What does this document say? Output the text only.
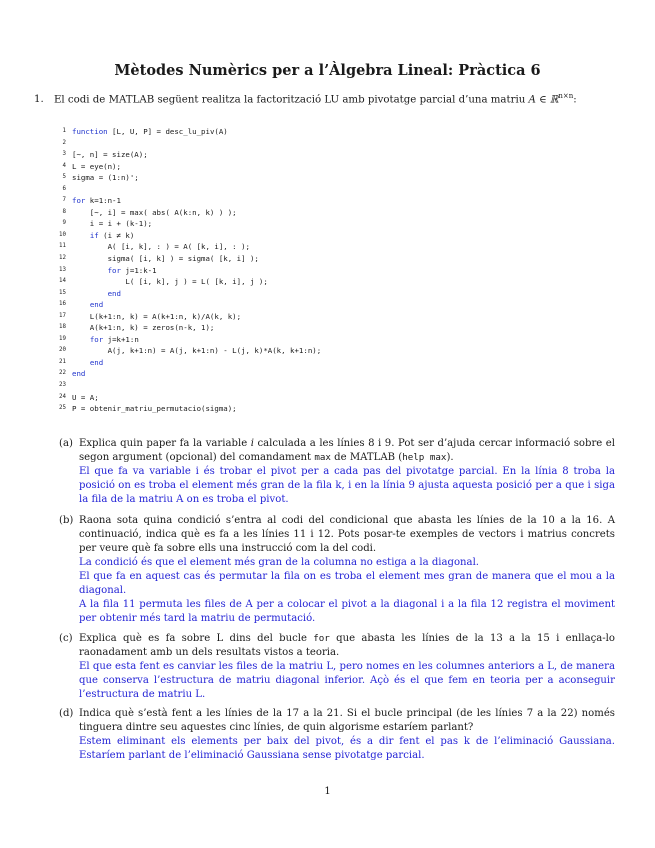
Mètodes Numèrics per a l’Àlgebra Lineal: Pràctica 6
1. El codi de MATLAB següent realitza la factorització LU amb pivotatge parcial d’una matriu A ∈ ℝ$^{n\times n}$:
1 function [L, U, P] = desc_lu_piv(A)
2
3 [~, n] = size(A);
4 L = eye(n);
5 sigma = (1:n)';
6
7 for k=1:n-1
8 [~, i] = max( abs( A(k:n, k) ) );
9 i = i + (k-1);
10	if (i ≠ k)
11 A( [i, k], : ) = A( [k, i], : );
12 sigma( [i, k] ) = sigma( [k, i] );
13	for j=1:k-1
14 L( [i, k], j ) = L( [k, i], j );
15	end
16	end
17 L(k+1:n, k) = A(k+1:n, k)/A(k, k);
18 A(k+1:n, k) = zeros(n-k, 1);
19	for j=k+1:n
20 A(j, k+1:n) = A(j, k+1:n) - L(j, k)*A(k, k+1:n);
21	end
22 end
23
24 U = A;
25 P = obtenir_matriu_permutacio(sigma);
(a) Explica quin paper fa la variable i calculada a les línies 8 i 9. Pot ser d’ajuda cercar informació sobre el segon argument (opcional) del comandament max de MATLAB (help max).

El que fa va variable i és trobar el pivot per a cada pas del pivotatge parcial. En la línia 8 troba la posició on es troba el element més gran de la fila k, i en la línia 9 ajusta aquesta posició per a que i siga la fila de la matriu A on es troba el pivot.

(b) Raona sota quina condició s’entra al codi del condicional que abasta les línies de la 10 a la 16. A continuació, indica què es fa a les línies 11 i 12. Pots posar-te exemples de vectors i matrius concrets per veure què fa sobre ells una instrucció com la del codi.

La condició és que el element més gran de la columna no estiga a la diagonal.

El que fa en aquest cas és permutar la fila on es troba el element mes gran de manera que el mou a la diagonal.

A la fila 11 permuta les files de A per a colocar el pivot a la diagonal i a la fila 12 registra el moviment per obtenir més tard la matriu de permutació.

(c) Explica què es fa sobre L dins del bucle for que abasta les línies de la 13 a la 15 i enllaça-lo raonadament amb un dels resultats vistos a teoria.

El que esta fent es canviar les files de la matriu L, pero nomes en les columnes anteriors a L, de manera que conserva l’estructura de matriu diagonal inferior. Açò és el que fem en teoria per a aconseguir l’estructura de matriu L.

(d) Indica què s’està fent a les línies de la 17 a la 21. Si el bucle principal (de les línies 7 a la 22) només tinguera dintre seu aquestes cinc línies, de quin algorisme estaríem parlant?

Estem eliminant els elements per baix del pivot, és a dir fent el pas k de l’eliminació Gaussiana. Estaríem parlant de l’eliminació Gaussiana sense pivotatge parcial.

1
